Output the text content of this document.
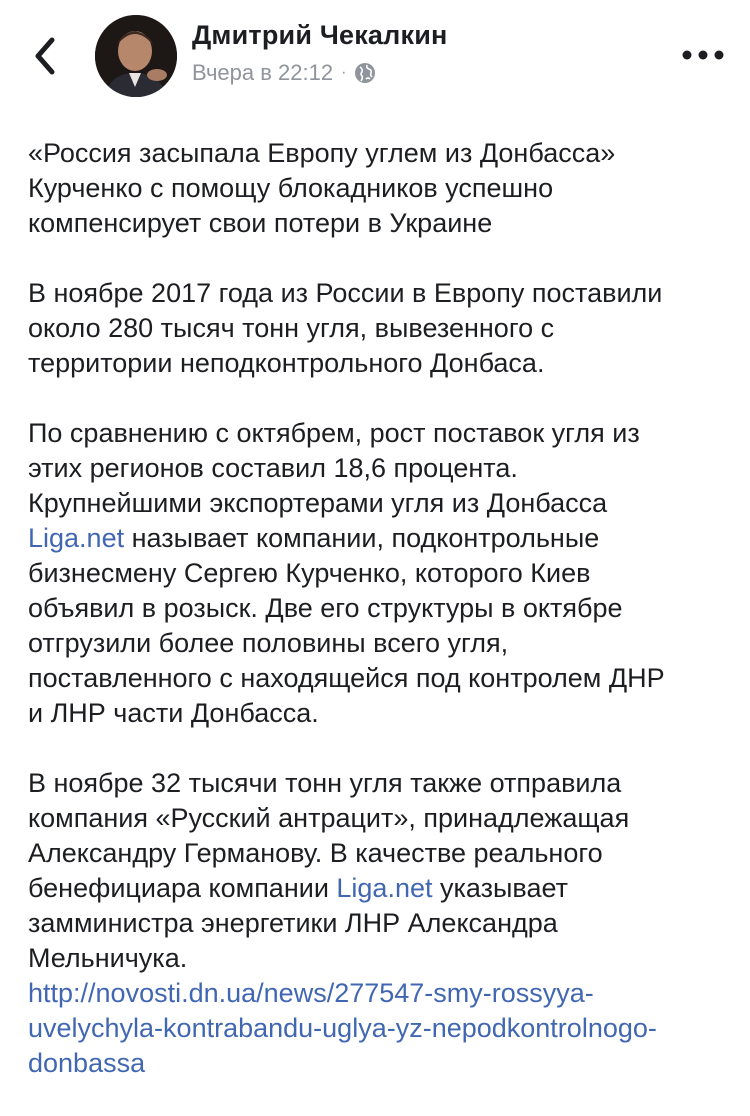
Дмитрий Чекалкин
Вчера в 22:12 ·

«Россия засыпала Европу углем из Донбасса»
Курченко с помощу блокадников успешно
компенсирует свои потери в Украине

В ноябре 2017 года из России в Европу поставили
около 280 тысяч тонн угля, вывезенного с
территории неподконтрольного Донбаса.

По сравнению с октябрем, рост поставок угля из
этих регионов составил 18,6 процента.
Крупнейшими экспортерами угля из Донбасса
Liga.net называет компании, подконтрольные
бизнесмену Сергею Курченко, которого Киев
объявил в розыск. Две его структуры в октябре
отгрузили более половины всего угля,
поставленного с находящейся под контролем ДНР
и ЛНР части Донбасса.

В ноябре 32 тысячи тонн угля также отправила
компания «Русский антрацит», принадлежащая
Александру Германову. В качестве реального
бенефициара компании Liga.net указывает
замминистра энергетики ЛНР Александра
Мельничука.
http://novosti.dn.ua/news/277547-smy-rossyya-
uvelychyla-kontrabandu-uglya-yz-nepodkontrolnogo-
donbassa
